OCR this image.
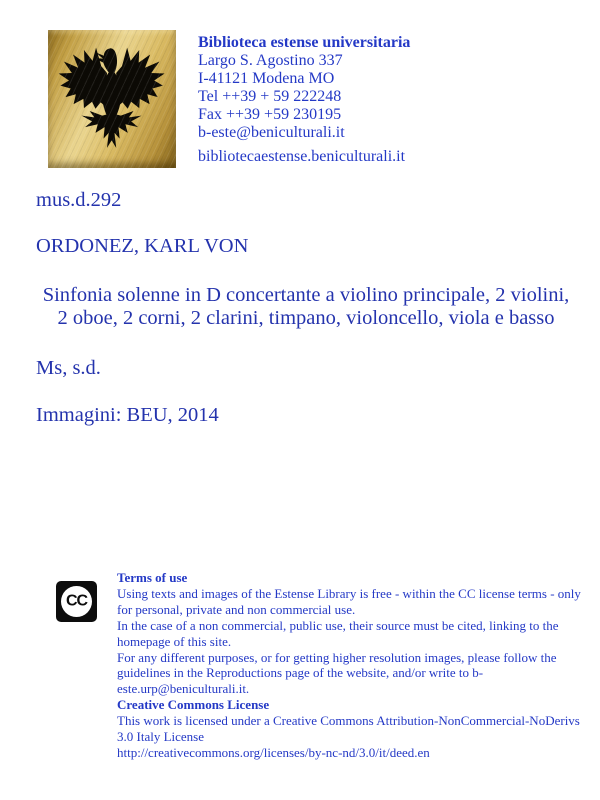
Biblioteca estense universitaria
Largo S. Agostino 337
I-41121 Modena MO
Tel ++39 + 59 222248
Fax ++39 +59 230195
b-este@beniculturali.it
bibliotecaestense.beniculturali.it
mus.d.292
ORDONEZ, KARL VON
Sinfonia solenne in D concertante a violino principale, 2 violini,
2 oboe, 2 corni, 2 clarini, timpano, violoncello, viola e basso
Ms, s.d.
Immagini: BEU, 2014
CC
Terms of use
Using texts and images of the Estense Library is free - within the CC license terms - only
for personal, private and non commercial use.
In the case of a non commercial, public use, their source must be cited, linking to the
homepage of this site.
For any different purposes, or for getting higher resolution images, please follow the
guidelines in the Reproductions page of the website, and/or write to b-
este.urp@beniculturali.it.
Creative Commons License
This work is licensed under a Creative Commons Attribution-NonCommercial-NoDerivs
3.0 Italy License
http://creativecommons.org/licenses/by-nc-nd/3.0/it/deed.en
